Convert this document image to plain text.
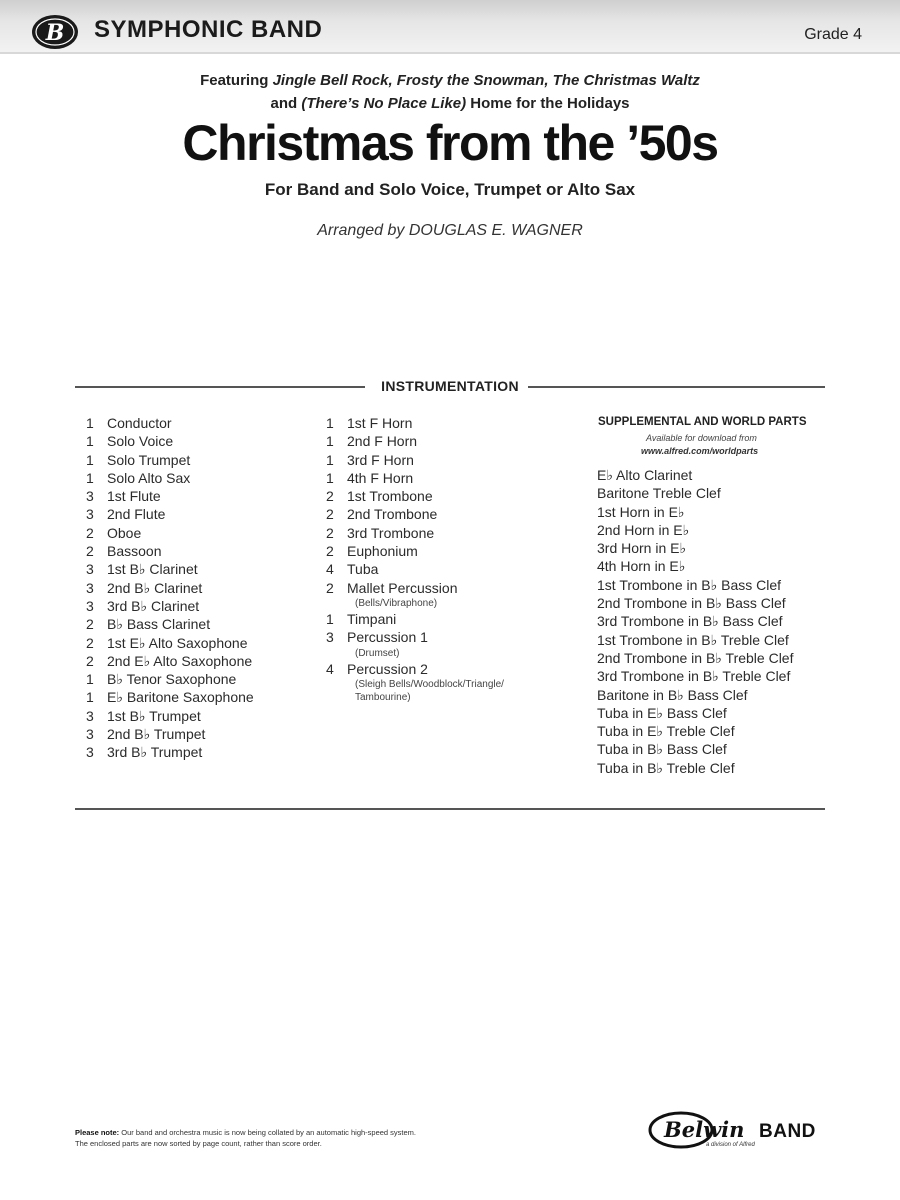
B SYMPHONIC BAND	Grade 4
Featuring Jingle Bell Rock, Frosty the Snowman, The Christmas Waltz
and (There’s No Place Like) Home for the Holidays
Christmas from the ’50s
For Band and Solo Voice, Trumpet or Alto Sax
Arranged by DOUGLAS E. WAGNER
INSTRUMENTATION
1 Conductor
1 Solo Voice
1 Solo Trumpet
1 Solo Alto Sax
3 1st Flute
3 2nd Flute
2 Oboe
2 Bassoon
3 1st B♭ Clarinet
3 2nd B♭ Clarinet
3 3rd B♭ Clarinet
2 B♭ Bass Clarinet
2 1st E♭ Alto Saxophone
2 2nd E♭ Alto Saxophone
1 B♭ Tenor Saxophone
1 E♭ Baritone Saxophone
3 1st B♭ Trumpet
3 2nd B♭ Trumpet
3 3rd B♭ Trumpet
1 1st F Horn
1 2nd F Horn
1 3rd F Horn
1 4th F Horn
2 1st Trombone
2 2nd Trombone
2 3rd Trombone
2 Euphonium
4 Tuba
2 Mallet Percussion
(Bells/Vibraphone)
1 Timpani
3 Percussion 1
(Drumset)
4 Percussion 2
(Sleigh Bells/Woodblock/Triangle/
Tambourine)
SUPPLEMENTAL AND WORLD PARTS
Available for download from
www.alfred.com/worldparts
E♭ Alto Clarinet
Baritone Treble Clef
1st Horn in E♭
2nd Horn in E♭
3rd Horn in E♭
4th Horn in E♭
1st Trombone in B♭ Bass Clef
2nd Trombone in B♭ Bass Clef
3rd Trombone in B♭ Bass Clef
1st Trombone in B♭ Treble Clef
2nd Trombone in B♭ Treble Clef
3rd Trombone in B♭ Treble Clef
Baritone in B♭ Bass Clef
Tuba in E♭ Bass Clef
Tuba in E♭ Treble Clef
Tuba in B♭ Bass Clef
Tuba in B♭ Treble Clef
Please note: Our band and orchestra music is now being collated by an automatic high-speed system.
The enclosed parts are now sorted by page count, rather than score order.
Belwin BAND
a division of Alfred
